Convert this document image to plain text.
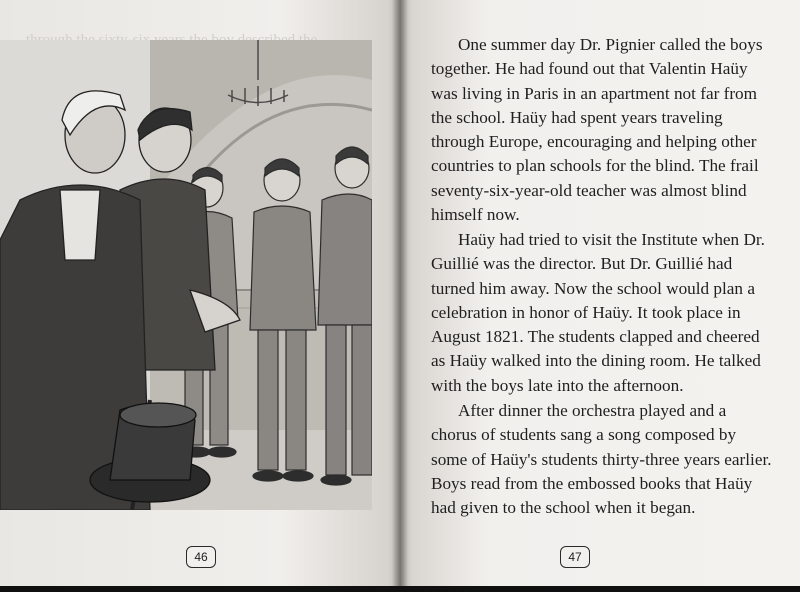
46

One summer day Dr. Pignier called the boys together. He had found out that Valentin Haüy was living in Paris in an apartment not far from the school. Haüy had spent years traveling through Europe, encouraging and helping other countries to plan schools for the blind. The frail seventy-six-year-old teacher was almost blind himself now.

Haüy had tried to visit the Institute when Dr. Guillié was the director. But Dr. Guillié had turned him away. Now the school would plan a celebration in honor of Haüy. It took place in August 1821. The students clapped and cheered as Haüy walked into the dining room. He talked with the boys late into the afternoon.

After dinner the orchestra played and a chorus of students sang a song composed by some of Haüy's students thirty-three years earlier. Boys read from the embossed books that Haüy had given to the school when it began.

47
